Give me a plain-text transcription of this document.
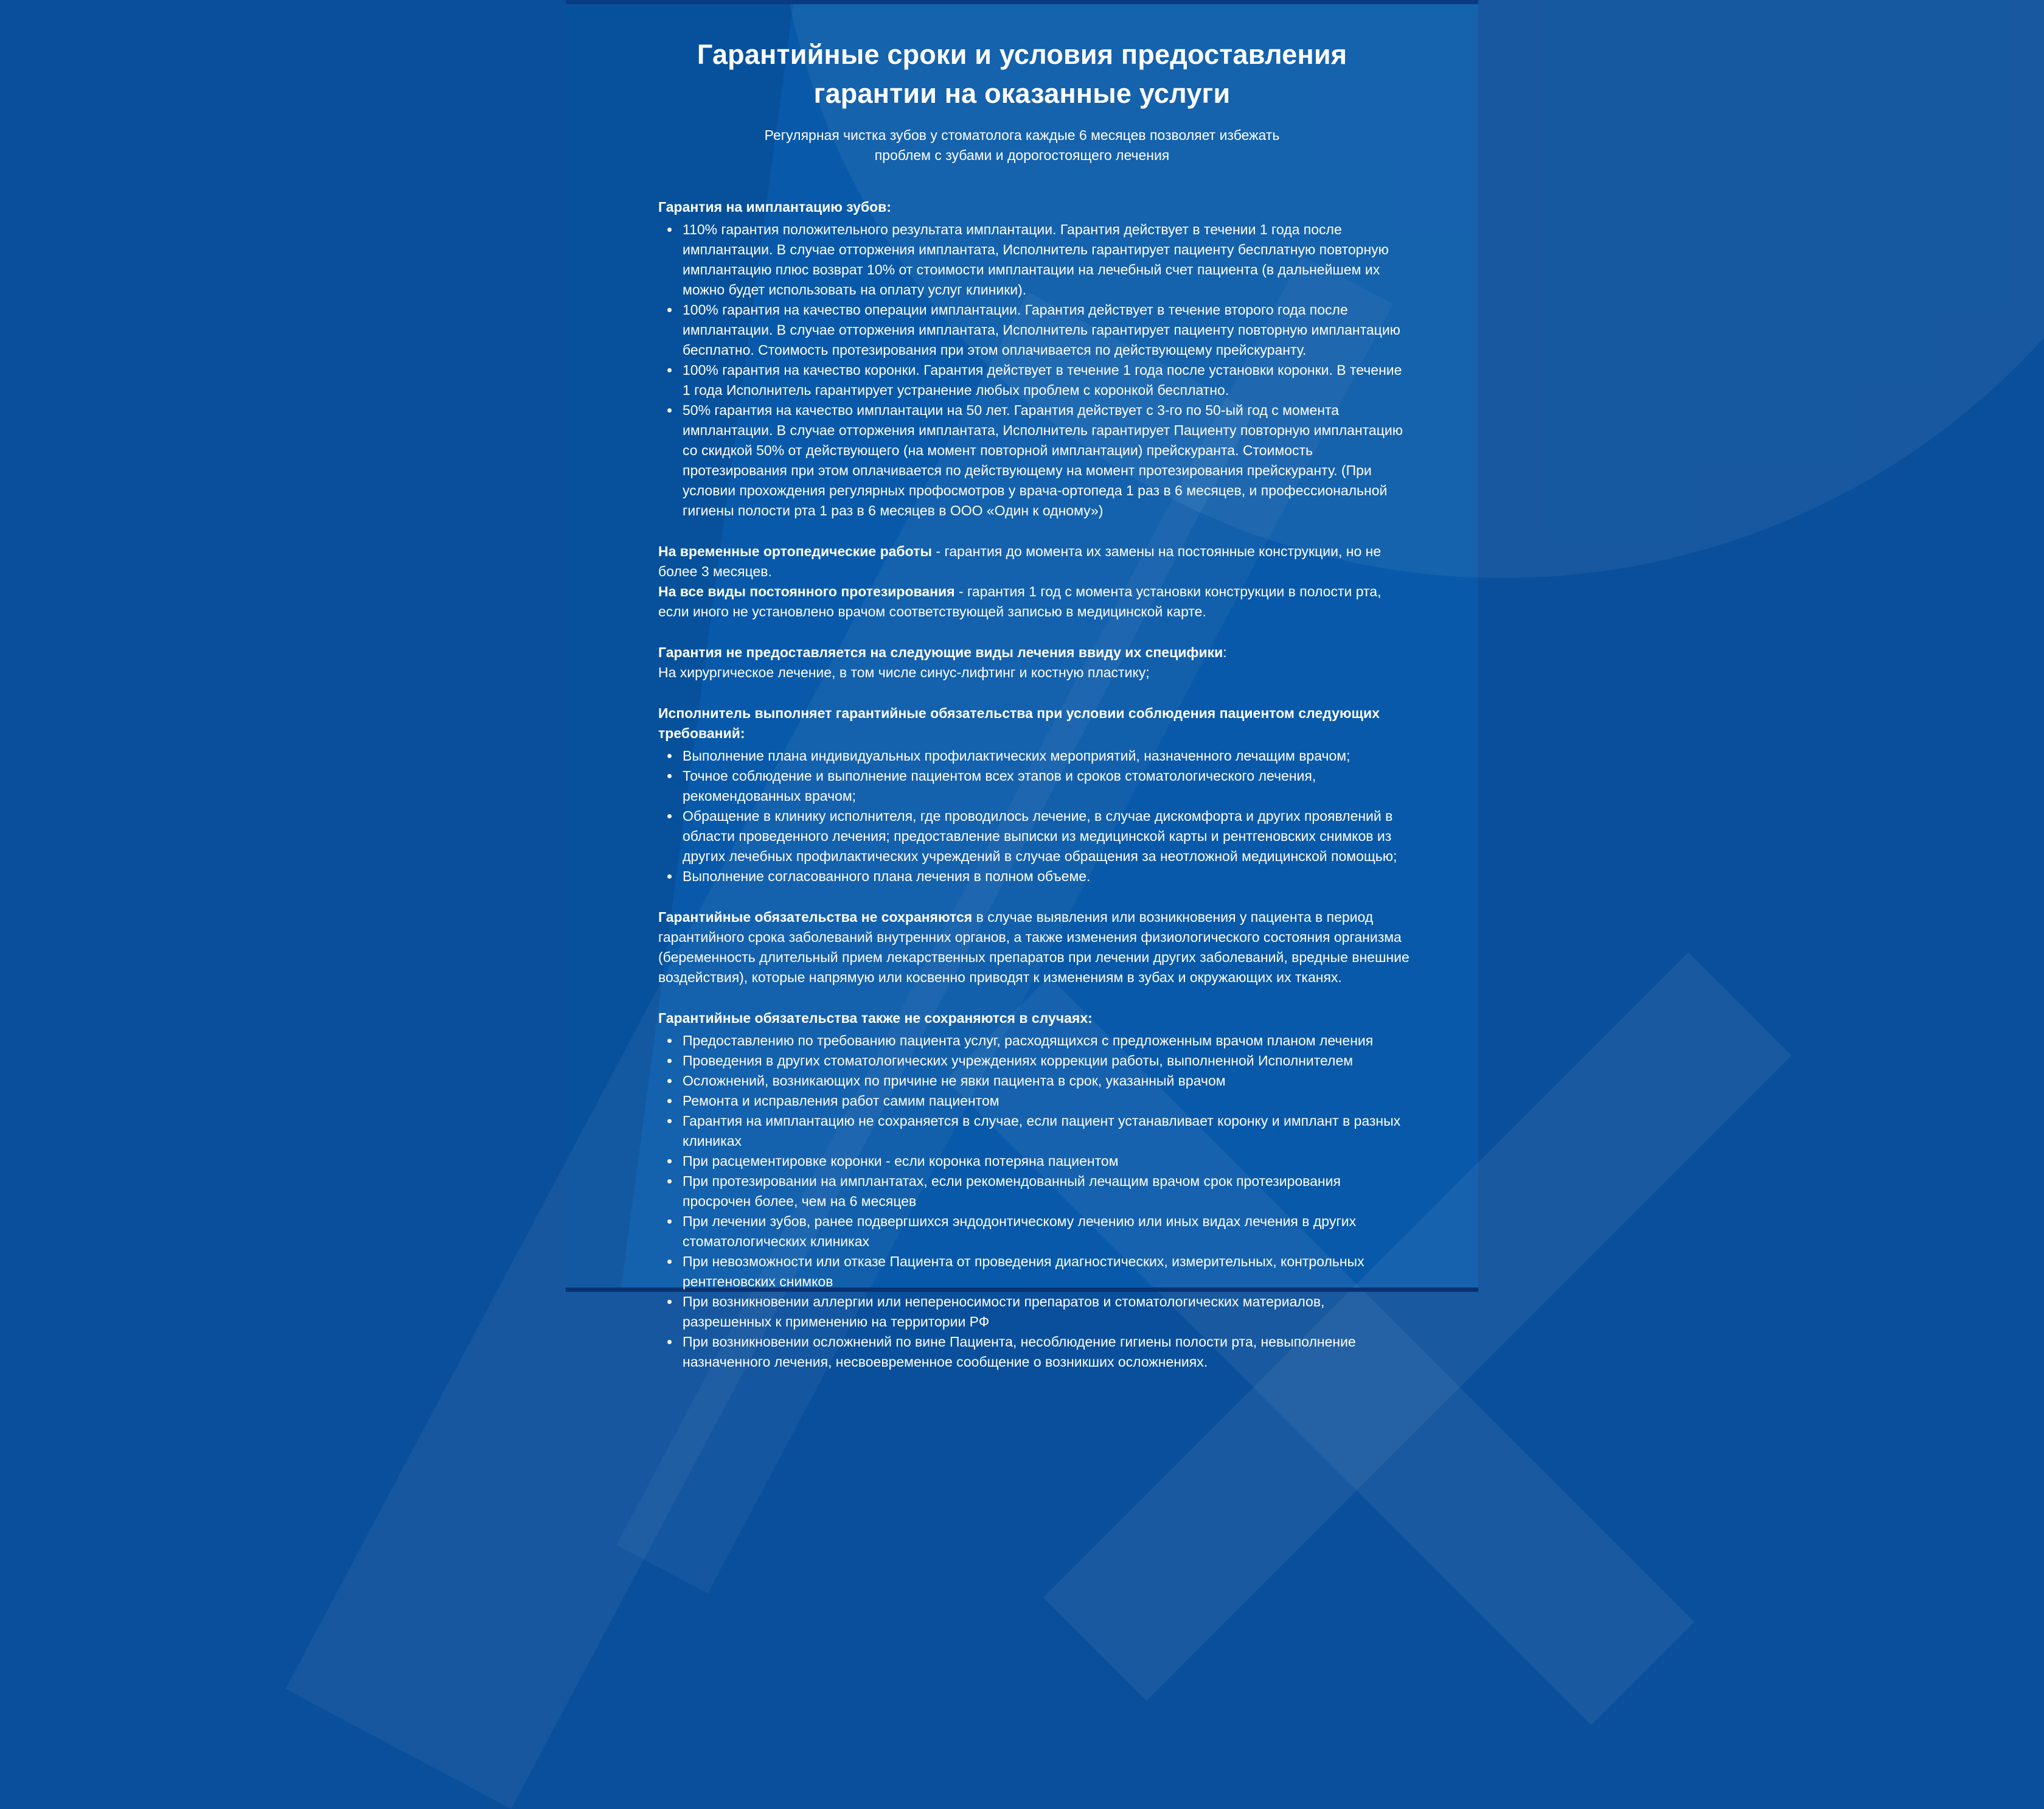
Гарантийные сроки и условия предоставления
гарантии на оказанные услуги

Регулярная чистка зубов у стоматолога каждые 6 месяцев позволяет избежать
проблем с зубами и дорогостоящего лечения

Гарантия на имплантацию зубов:
110% гарантия положительного результата имплантации. Гарантия действует в течении 1 года после имплантации. В случае отторжения имплантата, Исполнитель гарантирует пациенту бесплатную повторную имплантацию плюс возврат 10% от стоимости имплантации на лечебный счет пациента (в дальнейшем их можно будет использовать на оплату услуг клиники).
100% гарантия на качество операции имплантации. Гарантия действует в течение второго года после имплантации. В случае отторжения имплантата, Исполнитель гарантирует пациенту повторную имплантацию бесплатно. Стоимость протезирования при этом оплачивается по действующему прейскуранту.
100% гарантия на качество коронки. Гарантия действует в течение 1 года после установки коронки. В течение 1 года Исполнитель гарантирует устранение любых проблем с коронкой бесплатно.
50% гарантия на качество имплантации на 50 лет. Гарантия действует с 3-го по 50-ый год с момента имплантации. В случае отторжения имплантата, Исполнитель гарантирует Пациенту повторную имплантацию со скидкой 50% от действующего (на момент повторной имплантации) прейскуранта. Стоимость протезирования при этом оплачивается по действующему на момент протезирования прейскуранту. (При условии прохождения регулярных профосмотров у врача-ортопеда 1 раз в 6 месяцев, и профессиональной гигиены полости рта 1 раз в 6 месяцев в ООО «Один к одному»)

На временные ортопедические работы - гарантия до момента их замены на постоянные конструкции, но не более 3 месяцев.

На все виды постоянного протезирования - гарантия 1 год с момента установки конструкции в полости рта, если иного не установлено врачом соответствующей записью в медицинской карте.

Гарантия не предоставляется на следующие виды лечения ввиду их специфики:

На хирургическое лечение, в том числе синус-лифтинг и костную пластику;

Исполнитель выполняет гарантийные обязательства при условии соблюдения пациентом следующих требований:
Выполнение плана индивидуальных профилактических мероприятий, назначенного лечащим врачом;
Точное соблюдение и выполнение пациентом всех этапов и сроков стоматологического лечения, рекомендованных врачом;
Обращение в клинику исполнителя, где проводилось лечение, в случае дискомфорта и других проявлений в области проведенного лечения; предоставление выписки из медицинской карты и рентгеновских снимков из других лечебных профилактических учреждений в случае обращения за неотложной медицинской помощью;
Выполнение согласованного плана лечения в полном объеме.

Гарантийные обязательства не сохраняются в случае выявления или возникновения у пациента в период гарантийного срока заболеваний внутренних органов, а также изменения физиологического состояния организма (беременность длительный прием лекарственных препаратов при лечении других заболеваний, вредные внешние воздействия), которые напрямую или косвенно приводят к изменениям в зубах и окружающих их тканях.

Гарантийные обязательства также не сохраняются в случаях:
Предоставлению по требованию пациента услуг, расходящихся с предложенным врачом планом лечения
Проведения в других стоматологических учреждениях коррекции работы, выполненной Исполнителем
Осложнений, возникающих по причине не явки пациента в срок, указанный врачом
Ремонта и исправления работ самим пациентом
Гарантия на имплантацию не сохраняется в случае, если пациент устанавливает коронку и имплант в разных клиниках
При расцементировке коронки - если коронка потеряна пациентом
При протезировании на имплантатах, если рекомендованный лечащим врачом срок протезирования просрочен более, чем на 6 месяцев
При лечении зубов, ранее подвергшихся эндодонтическому лечению или иных видах лечения в других стоматологических клиниках
При невозможности или отказе Пациента от проведения диагностических, измерительных, контрольных рентгеновских снимков
При возникновении аллергии или непереносимости препаратов и стоматологических материалов, разрешенных к применению на территории РФ
При возникновении осложнений по вине Пациента, несоблюдение гигиены полости рта, невыполнение назначенного лечения, несвоевременное сообщение о возникших осложнениях.
